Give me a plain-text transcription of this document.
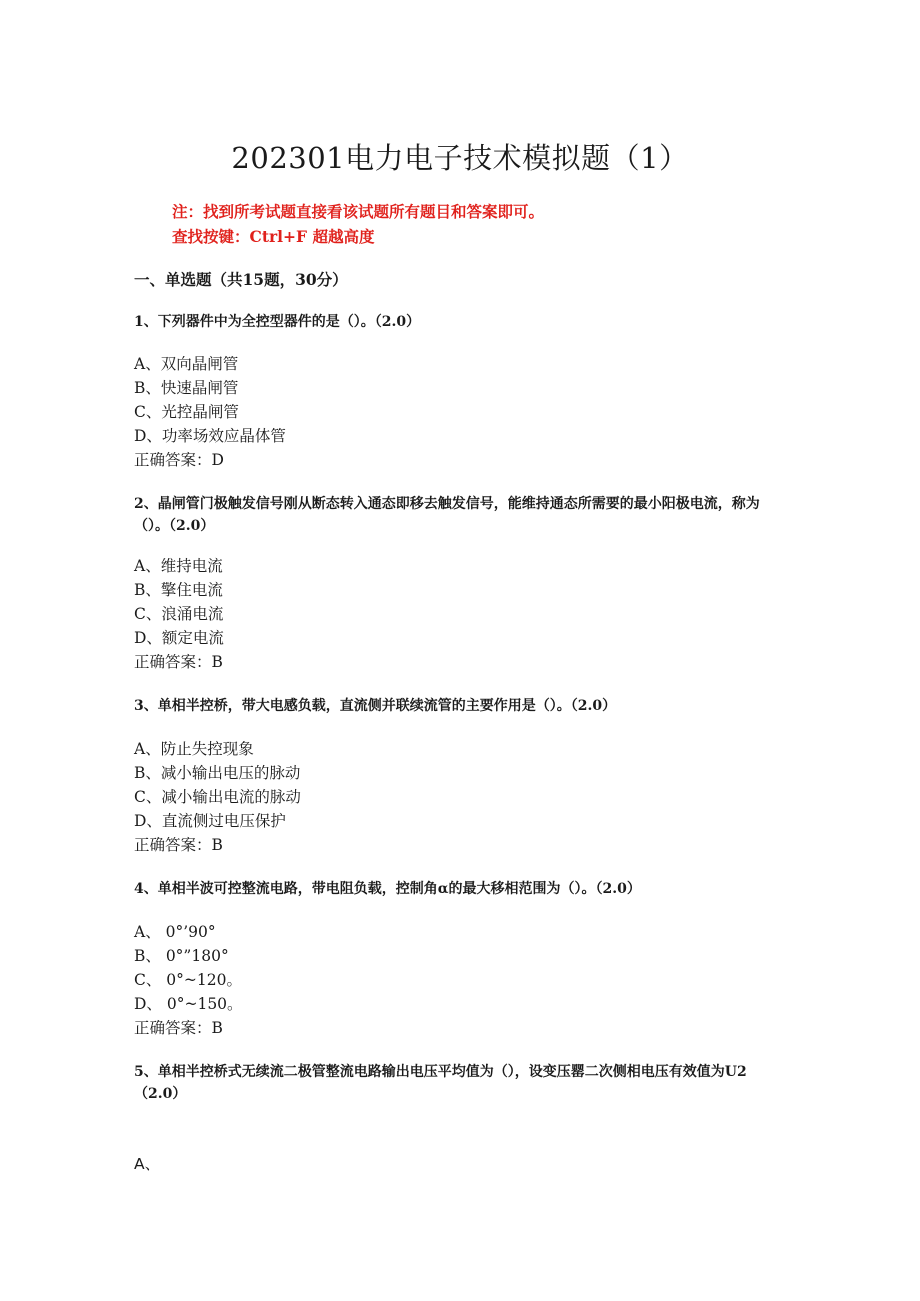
202301电力电子技术模拟题（1）
注：找到所考试题直接看该试题所有题目和答案即可。
查找按键：Ctrl+F 超越高度
一、单选题（共15题，30分）
1、下列器件中为全控型器件的是（）。（2.0）
A、双向晶闸管
B、快速晶闸管
C、光控晶闸管
D、功率场效应晶体管
正确答案：D
2、晶闸管门极触发信号刚从断态转入通态即移去触发信号，能维持通态所需要的最小阳极电流，称为（）。（2.0）
A、维持电流
B、擎住电流
C、浪涌电流
D、额定电流
正确答案：B
3、单相半控桥，带大电感负载，直流侧并联续流管的主要作用是（）。（2.0）
A、防止失控现象
B、减小输出电压的脉动
C、减小输出电流的脉动
D、直流侧过电压保护
正确答案：B
4、单相半波可控整流电路，带电阻负载，控制角α的最大移相范围为（）。（2.0）
A、 0°’90°
B、 0°”180°
C、 0°~120。
D、 0°~150。
正确答案：B
5、单相半控桥式无续流二极管整流电路输出电压平均值为（），设变压罂二次侧相电压有效值为U2（2.0）
A、
